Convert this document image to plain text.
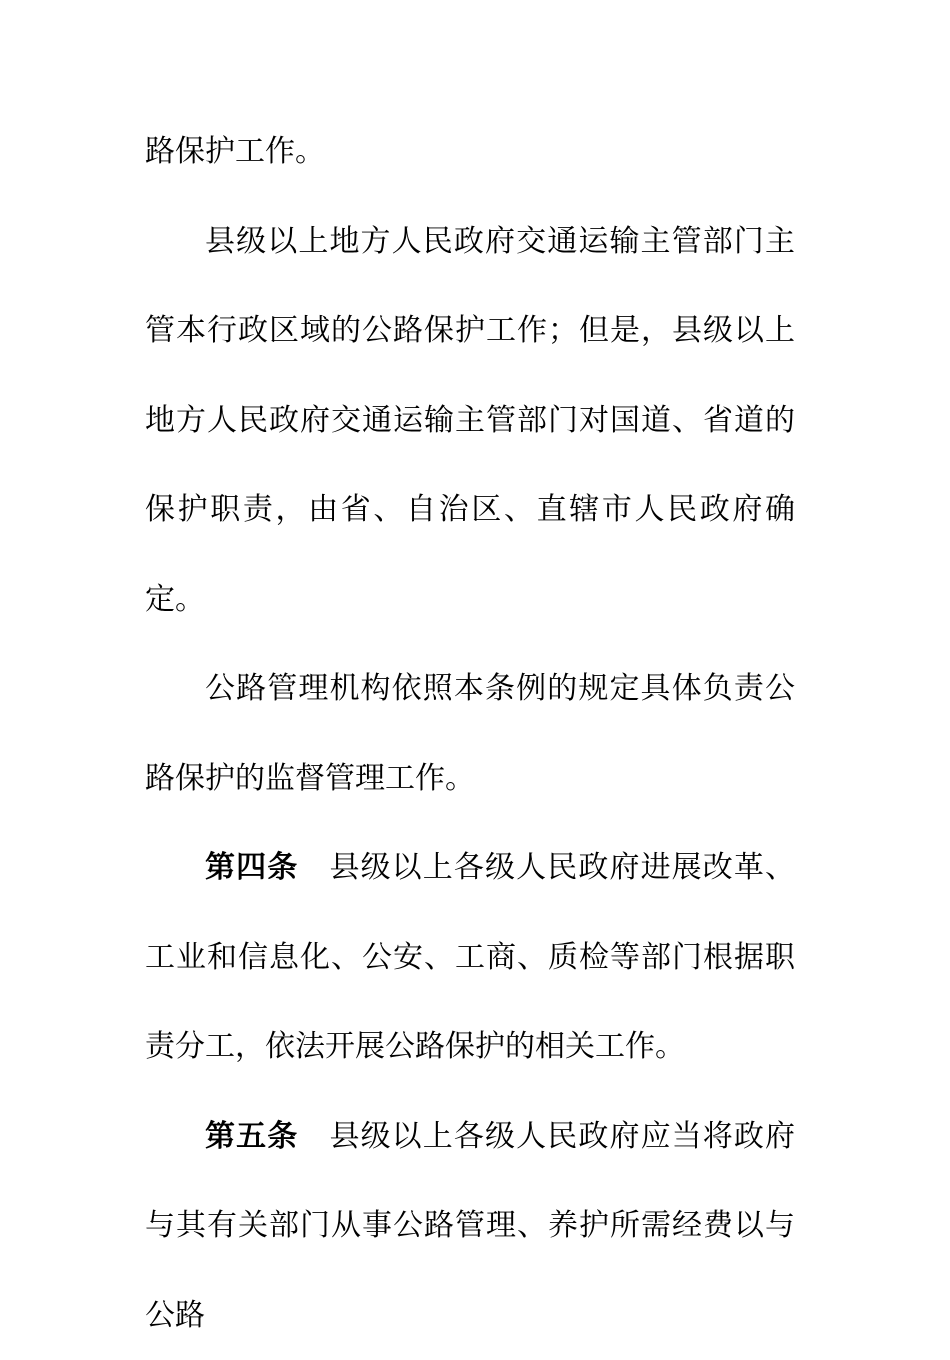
路保护工作。

县级以上地方人民政府交通运输主管部门主管本行政区域的公路保护工作；但是，县级以上地方人民政府交通运输主管部门对国道、省道的保护职责，由省、自治区、直辖市人民政府确定。

公路管理机构依照本条例的规定具体负责公路保护的监督管理工作。

第四条 县级以上各级人民政府进展改革、工业和信息化、公安、工商、质检等部门根据职责分工，依法开展公路保护的相关工作。

第五条 县级以上各级人民政府应当将政府与其有关部门从事公路管理、养护所需经费以与公路
